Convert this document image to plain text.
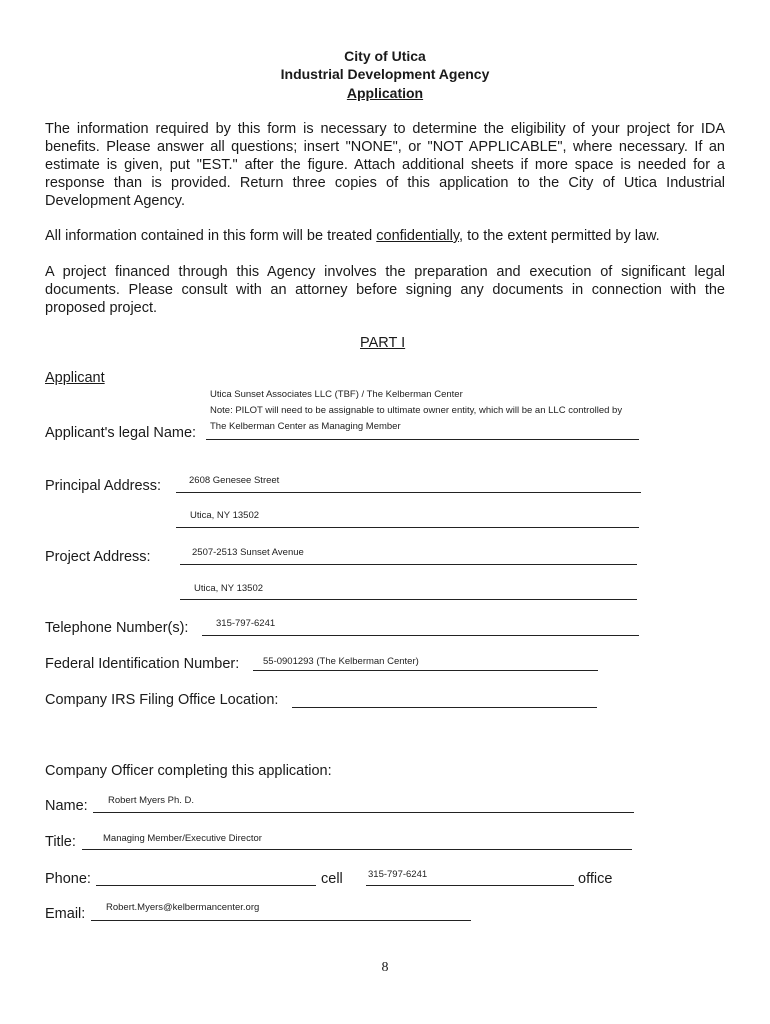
City of Utica
Industrial Development Agency
Application

The information required by this form is necessary to determine the eligibility of your project for IDA benefits. Please answer all questions; insert "NONE", or "NOT APPLICABLE", where necessary. If an estimate is given, put "EST." after the figure. Attach additional sheets if more space is needed for a response than is provided. Return three copies of this application to the City of Utica Industrial Development Agency.

All information contained in this form will be treated confidentially, to the extent permitted by law.

A project financed through this Agency involves the preparation and execution of significant legal documents. Please consult with an attorney before signing any documents in connection with the proposed project.

PART I
Applicant
Utica Sunset Associates LLC (TBF) / The Kelberman Center
Note: PILOT will need to be assignable to ultimate owner entity, which will be an LLC controlled by
Applicant's legal Name: The Kelberman Center as Managing Member
Principal Address:	2608 Genesee Street
Utica, NY 13502
Project Address:	2507-2513 Sunset Avenue
Utica, NY 13502
Telephone Number(s):	315-797-6241
Federal Identification Number:	55-0901293 (The Kelberman Center)
Company IRS Filing Office Location:
Company Officer completing this application:
Name: Robert Myers Ph. D.
Title:	Managing Member/Executive Director
Phone:	cell	315-797-6241	office
Email: Robert.Myers@kelbermancenter.org
8
